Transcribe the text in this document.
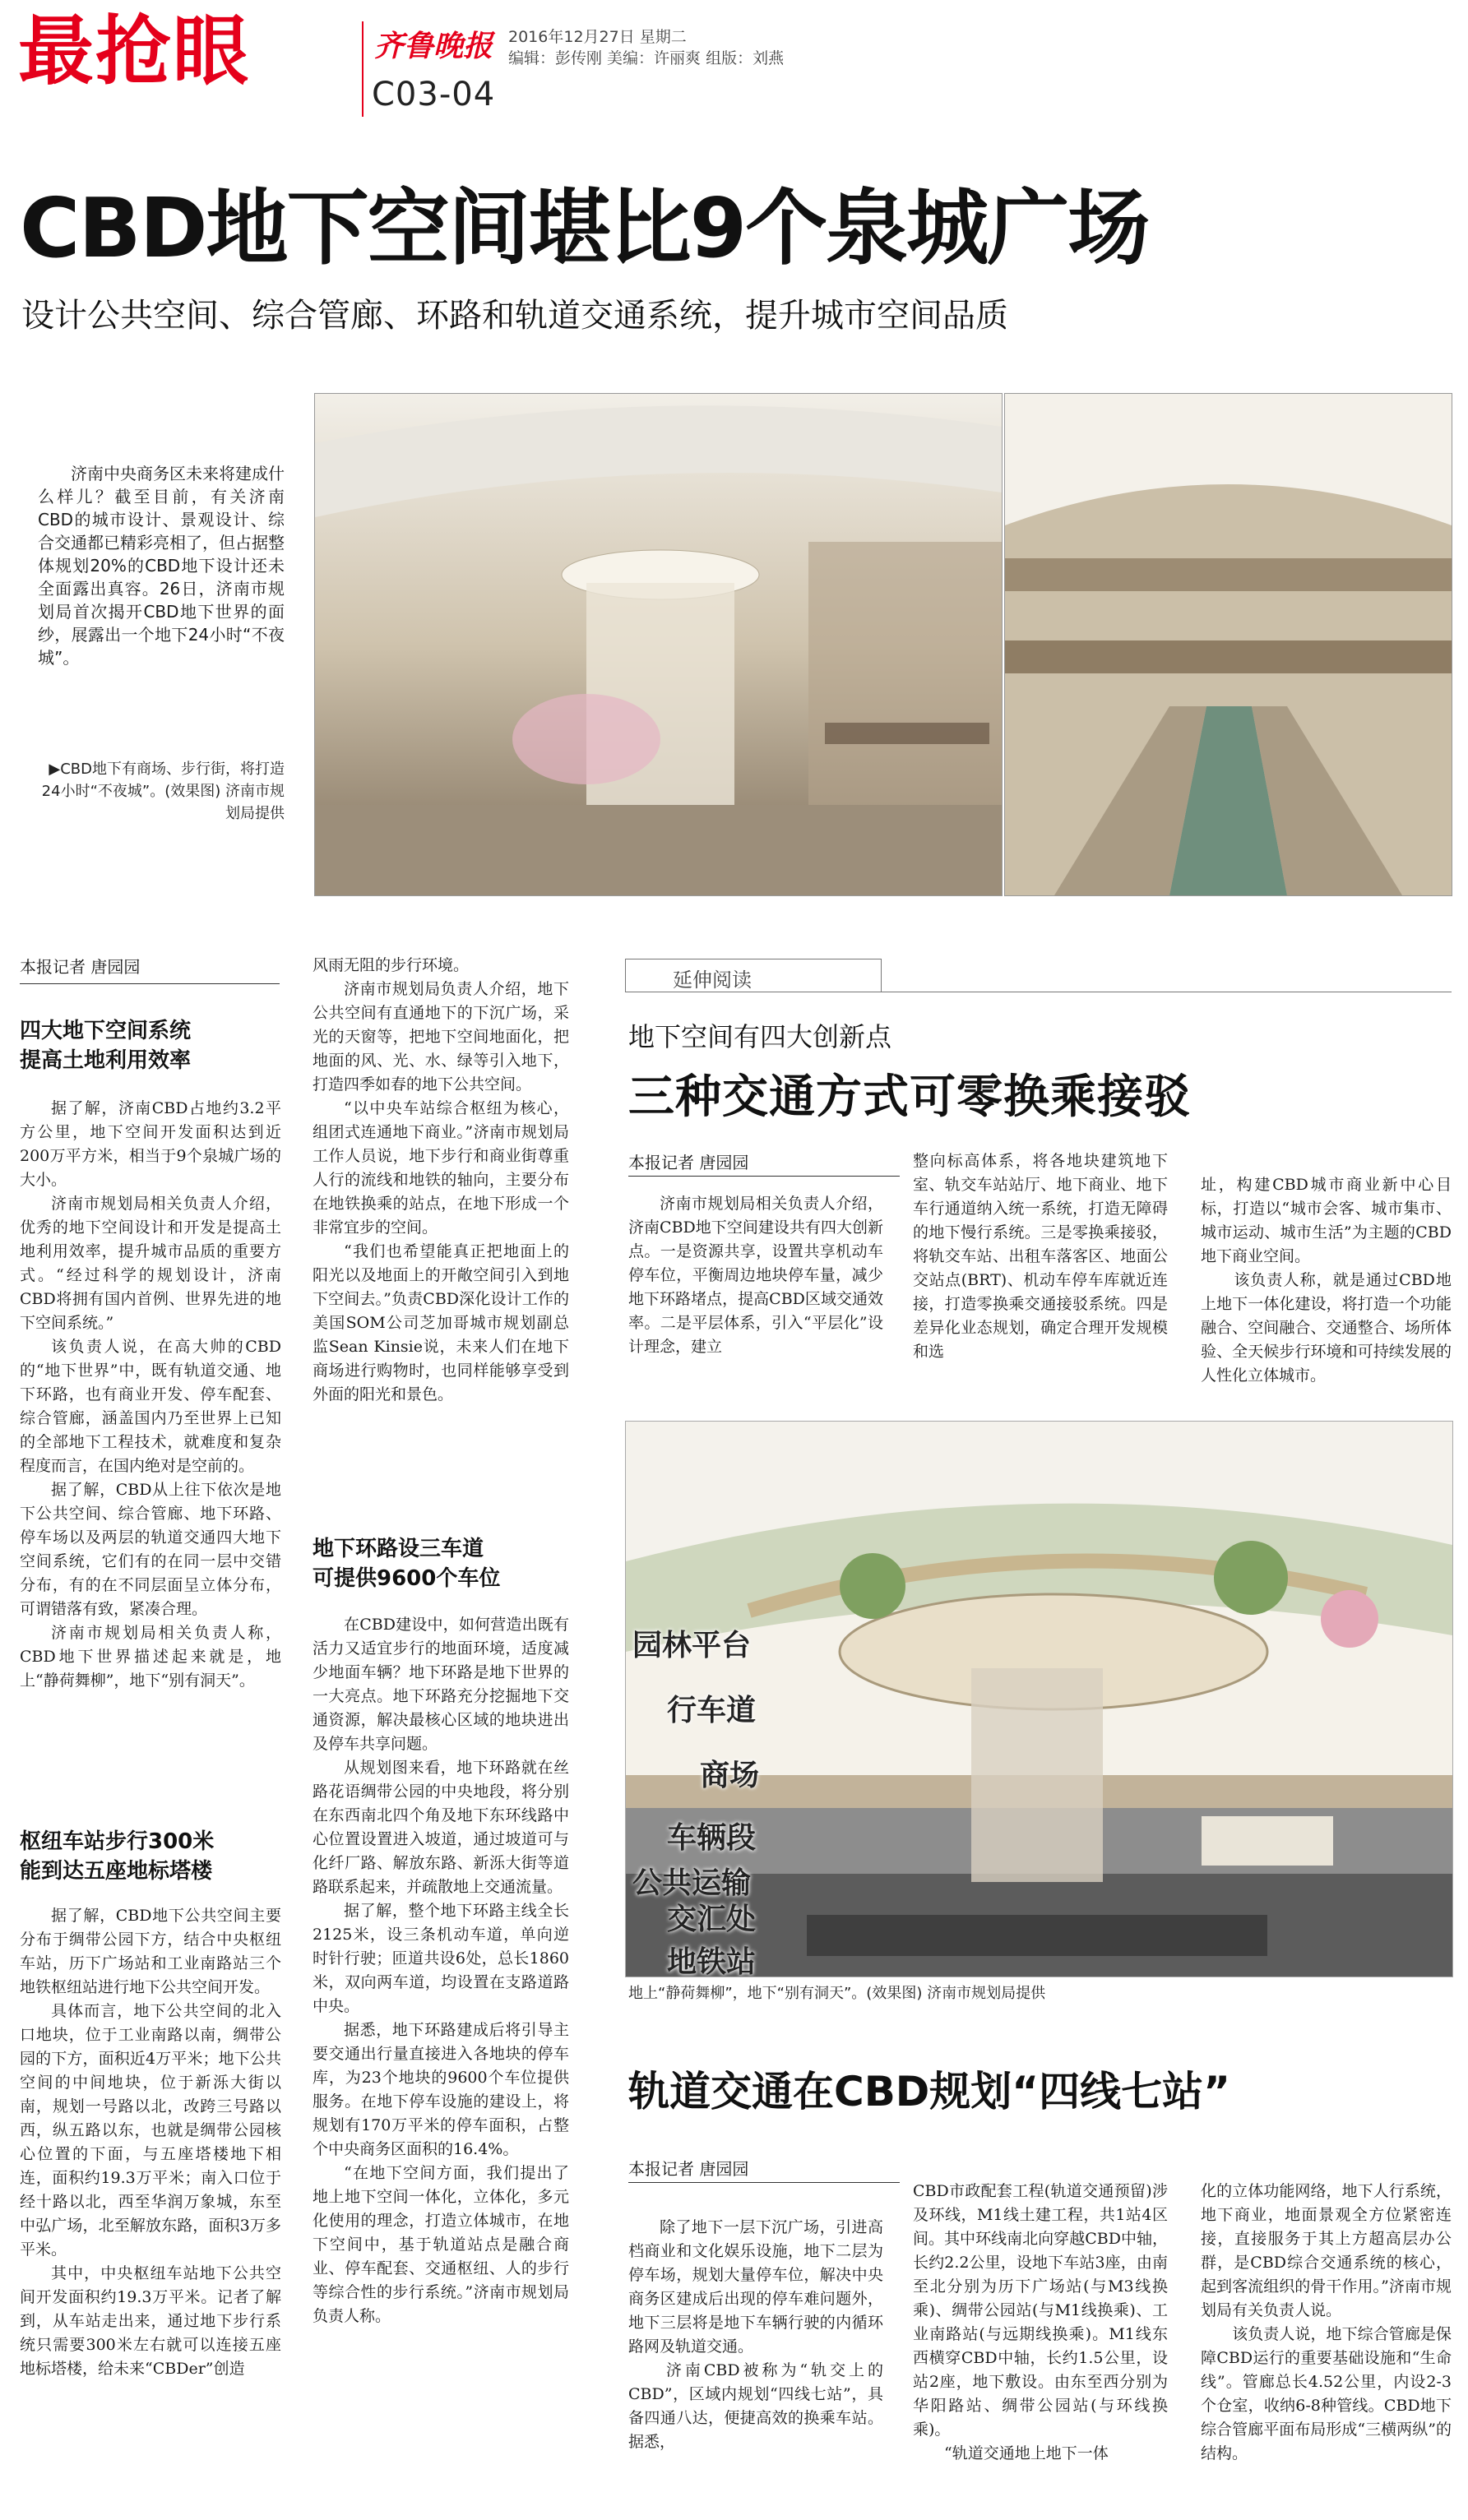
最抢眼	齐鲁晚报 2016年12月27日 星期二
编辑：彭传刚 美编：许丽爽 组版：刘燕
C03-04
CBD地下空间堪比9个泉城广场
设计公共空间、综合管廊、环路和轨道交通系统，提升城市空间品质

济南中央商务区未来将建成什么样儿？截至目前，有关济南CBD的城市设计、景观设计、综合交通都已精彩亮相了，但占据整体规划20%的CBD地下设计还未全面露出真容。26日，济南市规划局首次揭开CBD地下世界的面纱，展露出一个地下24小时“不夜城”。

▶CBD地下有商场、步行街，将打造24小时“不夜城”。(效果图) 济南市规划局提供
本报记者 唐园园
四大地下空间系统
提高土地利用效率

据了解，济南CBD占地约3.2平方公里，地下空间开发面积达到近200万平方米，相当于9个泉城广场的大小。

济南市规划局相关负责人介绍，优秀的地下空间设计和开发是提高土地利用效率，提升城市品质的重要方式。“经过科学的规划设计，济南CBD将拥有国内首例、世界先进的地下空间系统。”

该负责人说，在高大帅的CBD的“地下世界”中，既有轨道交通、地下环路，也有商业开发、停车配套、综合管廊，涵盖国内乃至世界上已知的全部地下工程技术，就难度和复杂程度而言，在国内绝对是空前的。

据了解，CBD从上往下依次是地下公共空间、综合管廊、地下环路、停车场以及两层的轨道交通四大地下空间系统，它们有的在同一层中交错分布，有的在不同层面呈立体分布，可谓错落有致，紧凑合理。

济南市规划局相关负责人称，CBD地下世界描述起来就是，地上“静荷舞柳”，地下“别有洞天”。

枢纽车站步行300米
能到达五座地标塔楼

据了解，CBD地下公共空间主要分布于绸带公园下方，结合中央枢纽车站，历下广场站和工业南路站三个地铁枢纽站进行地下公共空间开发。

具体而言，地下公共空间的北入口地块，位于工业南路以南，绸带公园的下方，面积近4万平米；地下公共空间的中间地块，位于新泺大街以南，规划一号路以北，改跨三号路以西，纵五路以东，也就是绸带公园核心位置的下面，与五座塔楼地下相连，面积约19.3万平米；南入口位于经十路以北，西至华润万象城，东至中弘广场，北至解放东路，面积3万多平米。

其中，中央枢纽车站地下公共空间开发面积约19.3万平米。记者了解到，从车站走出来，通过地下步行系统只需要300米左右就可以连接五座地标塔楼，给未来“CBDer”创造

风雨无阻的步行环境。

济南市规划局负责人介绍，地下公共空间有直通地下的下沉广场，采光的天窗等，把地下空间地面化，把地面的风、光、水、绿等引入地下，打造四季如春的地下公共空间。

“以中央车站综合枢纽为核心，组团式连通地下商业。”济南市规划局工作人员说，地下步行和商业街尊重人行的流线和地铁的轴向，主要分布在地铁换乘的站点，在地下形成一个非常宜步的空间。

“我们也希望能真正把地面上的阳光以及地面上的开敞空间引入到地下空间去。”负责CBD深化设计工作的美国SOM公司芝加哥城市规划副总监Sean Kinsie说，未来人们在地下商场进行购物时，也同样能够享受到外面的阳光和景色。

地下环路设三车道
可提供9600个车位

在CBD建设中，如何营造出既有活力又适宜步行的地面环境，适度减少地面车辆？地下环路是地下世界的一大亮点。地下环路充分挖掘地下交通资源，解决最核心区域的地块进出及停车共享问题。

从规划图来看，地下环路就在丝路花语绸带公园的中央地段，将分别在东西南北四个角及地下东环线路中心位置设置进入坡道，通过坡道可与化纤厂路、解放东路、新泺大街等道路联系起来，并疏散地上交通流量。

据了解，整个地下环路主线全长2125米，设三条机动车道，单向逆时针行驶；匝道共设6处，总长1860米，双向两车道，均设置在支路道路中央。

据悉，地下环路建成后将引导主要交通出行量直接进入各地块的停车库，为23个地块的9600个车位提供服务。在地下停车设施的建设上，将规划有170万平米的停车面积，占整个中央商务区面积的16.4%。

“在地下空间方面，我们提出了地上地下空间一体化，立体化，多元化使用的理念，打造立体城市，在地下空间中，基于轨道站点是融合商业、停车配套、交通枢纽、人的步行等综合性的步行系统。”济南市规划局负责人称。

延伸阅读
地下空间有四大创新点
三种交通方式可零换乘接驳
本报记者 唐园园

济南市规划局相关负责人介绍，济南CBD地下空间建设共有四大创新点。一是资源共享，设置共享机动车停车位，平衡周边地块停车量，减少地下环路堵点，提高CBD区域交通效率。二是平层体系，引入“平层化”设计理念，建立

整向标高体系，将各地块建筑地下室、轨交车站站厅、地下商业、地下车行通道纳入统一系统，打造无障碍的地下慢行系统。三是零换乘接驳，将轨交车站、出租车落客区、地面公交站点(BRT)、机动车停车库就近连接，打造零换乘交通接驳系统。四是差异化业态规划，确定合理开发规模和选

址，构建CBD城市商业新中心目标，打造以“城市会客、城市集市、城市运动、城市生活”为主题的CBD地下商业空间。
　　该负责人称，就是通过CBD地上地下一体化建设，将打造一个功能融合、空间融合、交通整合、场所体验、全天候步行环境和可持续发展的人性化立体城市。

园林平台
行车道
商场
车辆段
公共运输
交汇处
地铁站
地上“静荷舞柳”，地下“别有洞天”。(效果图) 济南市规划局提供
轨道交通在CBD规划“四线七站”
本报记者 唐园园

除了地下一层下沉广场，引进高档商业和文化娱乐设施，地下二层为停车场，规划大量停车位，解决中央商务区建成后出现的停车难问题外，地下三层将是地下车辆行驶的内循环路网及轨道交通。
　　济南CBD被称为“轨交上的CBD”，区域内规划“四线七站”，具备四通八达，便捷高效的换乘车站。据悉，

CBD市政配套工程(轨道交通预留)涉及环线，M1线土建工程，共1站4区间。其中环线南北向穿越CBD中轴，长约2.2公里，设地下车站3座，由南至北分别为历下广场站(与M3线换乘)、绸带公园站(与M1线换乘)、工业南路站(与远期线换乘)。M1线东西横穿CBD中轴，长约1.5公里，设站2座，地下敷设。由东至西分别为华阳路站、绸带公园站(与环线换乘)。
　　“轨道交通地上地下一体

化的立体功能网络，地下人行系统，地下商业，地面景观全方位紧密连接，直接服务于其上方超高层办公群，是CBD综合交通系统的核心，起到客流组织的骨干作用。”济南市规划局有关负责人说。
　　该负责人说，地下综合管廊是保障CBD运行的重要基础设施和“生命线”。管廊总长4.52公里，内设2-3个仓室，收纳6-8种管线。CBD地下综合管廊平面布局形成“三横两纵”的结构。
